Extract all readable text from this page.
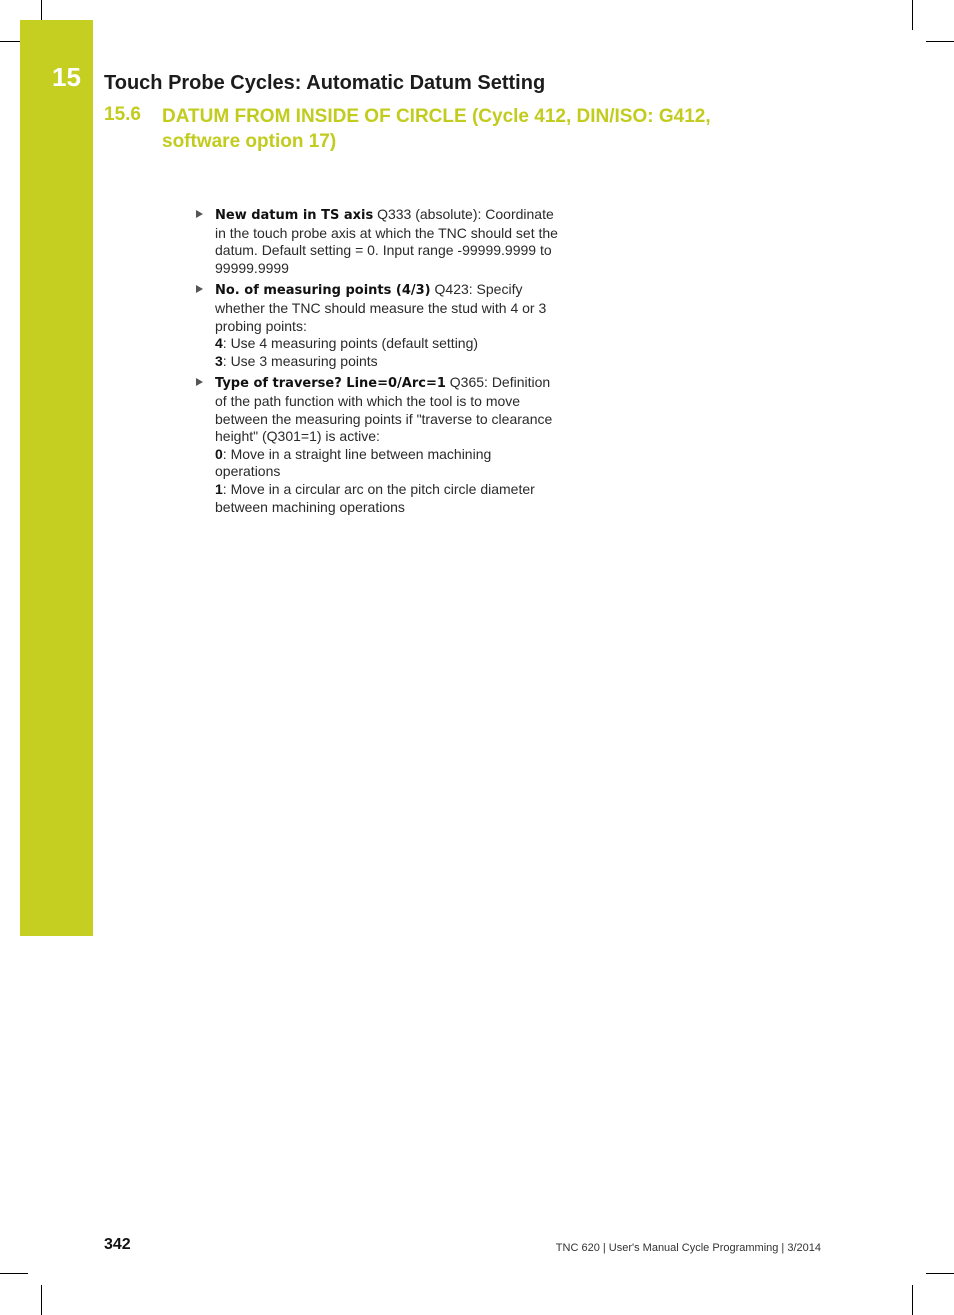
15 Touch Probe Cycles: Automatic Datum Setting
15.6 DATUM FROM INSIDE OF CIRCLE (Cycle 412, DIN/ISO: G412, software option 17)
New datum in TS axis Q333 (absolute): Coordinate in the touch probe axis at which the TNC should set the datum. Default setting = 0. Input range -99999.9999 to 99999.9999
No. of measuring points (4/3) Q423: Specify whether the TNC should measure the stud with 4 or 3 probing points:
4: Use 4 measuring points (default setting)
3: Use 3 measuring points
Type of traverse? Line=0/Arc=1 Q365: Definition of the path function with which the tool is to move between the measuring points if "traverse to clearance height" (Q301=1) is active:
0: Move in a straight line between machining operations
1: Move in a circular arc on the pitch circle diameter between machining operations
342	TNC 620 | User's Manual Cycle Programming | 3/2014
